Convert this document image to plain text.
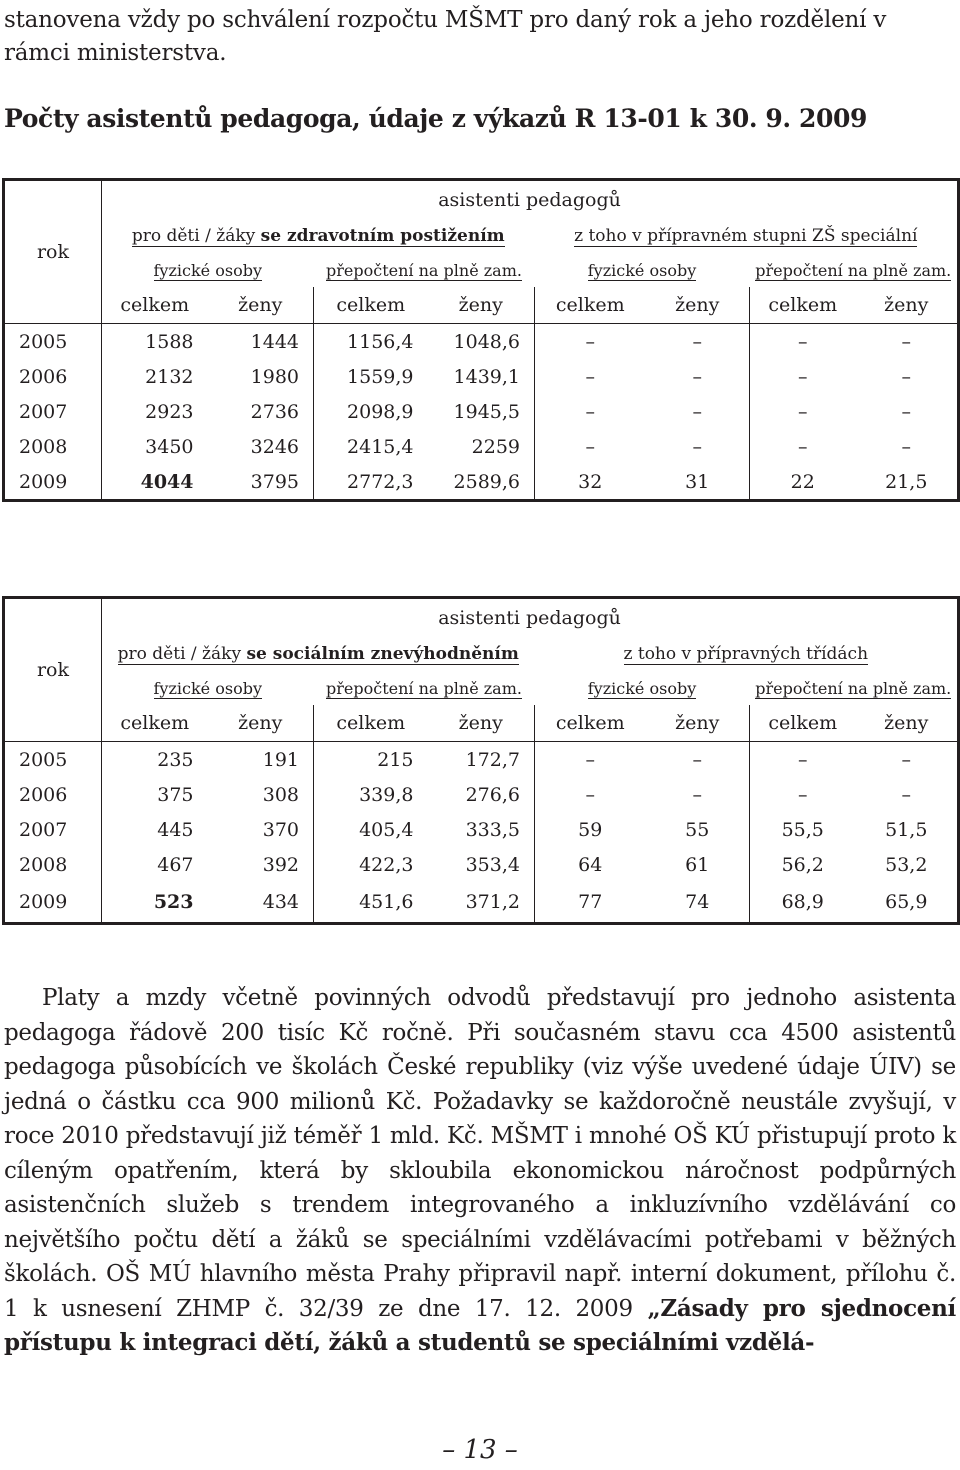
stanovena vždy po schválení rozpočtu MŠMT pro daný rok a jeho rozdělení v rámci ministerstva.

Počty asistentů pedagoga, údaje z výkazů R 13-01 k 30. 9. 2009
rok	asistenti pedagogů							
	pro děti / žáky se zdravotním postižením				z toho v přípravném stupni ZŠ speciální			
	fyzické osoby		přepočtení na plně zam.		fyzické osoby		přepočtení na plně zam.	
	celkem	ženy	celkem	ženy	celkem	ženy	celkem	ženy
2005	1588	1444	1156,4	1048,6	–	–	–	–
2006	2132	1980	1559,9	1439,1	–	–	–	–
2007	2923	2736	2098,9	1945,5	–	–	–	–
2008	3450	3246	2415,4	2259	–	–	–	–
2009	4044	3795	2772,3	2589,6	32	31	22	21,5
rok	asistenti pedagogů							
	pro děti / žáky se sociálním znevýhodněním				z toho v přípravných třídách			
	fyzické osoby		přepočtení na plně zam.		fyzické osoby		přepočtení na plně zam.	
	celkem	ženy	celkem	ženy	celkem	ženy	celkem	ženy
2005	235	191	215	172,7	–	–	–	–
2006	375	308	339,8	276,6	–	–	–	–
2007	445	370	405,4	333,5	59	55	55,5	51,5
2008	467	392	422,3	353,4	64	61	56,2	53,2
2009	523	434	451,6	371,2	77	74	68,9	65,9

Platy a mzdy včetně povinných odvodů představují pro jednoho asistenta pedagoga řádově 200 tisíc Kč ročně. Při současném stavu cca 4500 asistentů pedagoga působících ve školách České republiky (viz výše uvedené údaje ÚIV) se jedná o částku cca 900 milionů Kč. Požadavky se každoročně neustále zvyšují, v roce 2010 představují již téměř 1 mld. Kč. MŠMT i mnohé OŠ KÚ přistupují proto k cíleným opatřením, která by skloubila ekonomickou náročnost podpůrných asistenčních služeb s trendem integrovaného a inkluzívního vzdělávání co největšího počtu dětí a žáků se speciálními vzdělávacími potřebami v běžných školách. OŠ MÚ hlavního města Prahy připravil např. interní dokument, přílohu č. 1 k usnesení ZHMP č. 32/39 ze dne 17. 12. 2009 „Zásady pro sjednocení přístupu k integraci dětí, žáků a studentů se speciálními vzdělá-

– 13 –
